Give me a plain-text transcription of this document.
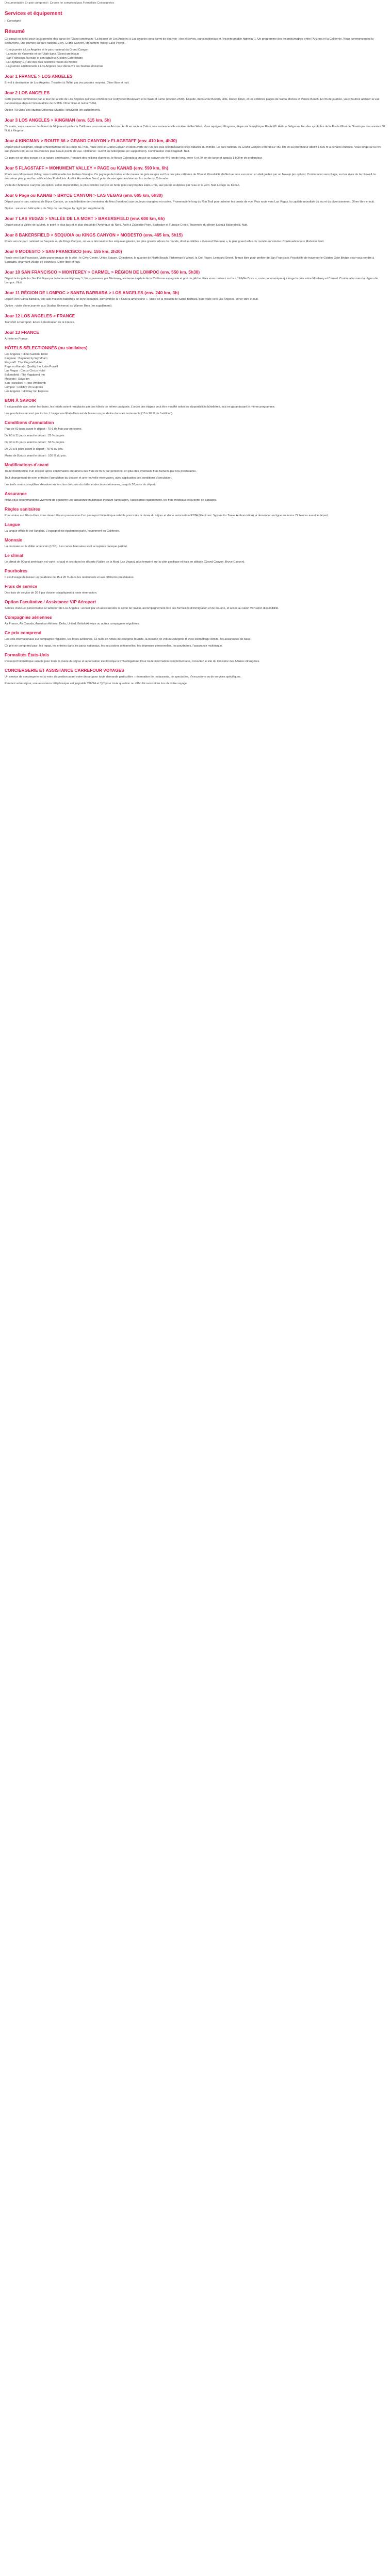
Documentation En prix comprend : Ce prix ne comprend pas Formalités Conseignées
Services et équipement
› Conseigné
Résumé

Ce circuit est idéal pour ceux prendre des parcs de l'Ouest américain ! La beauté de Los Angeles à Las Angeles sera parmi de tout voir : des réserves, parcs nationaux et l'incontournable highway 1. Un programme des incontournables entre l'Arizona et la Californie. Nous commencerons la découverte, une journée au parc national Zion, Grand Canyon, Monument Valley, Lake Powell.

- Une journée à Los Angeles et le parc national du Grand Canyon

- La route de Yosemite et de l'Utah dans l'Ouest américain

- San Francisco, la route et son fabuleux Golden Gate Bridge

- La Highway 1, l'une des plus célèbres routes du monde

- La journée additionnelle à Los Angeles pour découvrir les Studios Universal

Jour 1 FRANCE > LOS ANGELES

Envol à destination de Los Angeles. Transfert à l'hôtel par vos propres moyens. Dîner libre et nuit.

Jour 2 LOS ANGELES

Cette journée commence par le tour de la ville de Los Angeles qui vous emmène sur Hollywood Boulevard et le Walk of Fame (environ 2h30). Ensuite, découvrez Beverly Hills, Rodeo Drive, et les célèbres plages de Santa Monica et Venice Beach. En fin de journée, vous pourrez admirer la vue panoramique depuis l'observatoire de Griffith. Dîner libre et nuit à l'hôtel.

Option : la visite des studios Universal Studios Hollywood (en supplément).

Jour 3 LOS ANGELES > KINGMAN (env. 515 km, 5h)

Ce matin, vous traversez le désert de Mojave et quittez la Californie pour entrer en Arizona. Arrêt en route à Calico, une ancienne ville minière du Far West. Vous rejoignez Kingman, étape sur la mythique Route 66. Arrêt à Seligman, l'un des symboles de la Route 66 et de l'Amérique des années 50. Nuit à Kingman.

Jour 4 KINGMAN > ROUTE 66 > GRAND CANYON > FLAGSTAFF (env. 410 km, 4h30)

Départ pour Seligman, village emblématique de la Route 66. Puis, route vers le Grand Canyon et découverte de l'un des plus spectaculaires sites naturels du monde. Le parc national du Grand Canyon s'étend sur 450 km, et sa profondeur atteint 1 600 m à certains endroits. Vous longerez la rive sud (South Rim) où se trouvent les plus beaux points de vue. Optionnel : survol en hélicoptère (en supplément). Continuation vers Flagstaff. Nuit.

Ce parc est un des joyaux de la nature américaine. Pendant des millions d'années, le fleuve Colorado a creusé un canyon de 446 km de long, entre 6 et 29 km de large et jusqu'à 1 800 m de profondeur.

Jour 5 FLAGSTAFF > MONUMENT VALLEY > PAGE ou KANAB (env. 590 km, 6h)

Route vers Monument Valley, terre traditionnelle des Indiens Navajos. Ce paysage de buttes et de mesas de grès rouges est l'un des plus célèbres de l'Ouest. Possibilité d'effectuer une excursion en 4x4 guidée par un Navajo (en option). Continuation vers Page, sur les rives du lac Powell, le deuxième plus grand lac artificiel des États-Unis. Arrêt à Horseshoe Bend, point de vue spectaculaire sur la courbe du Colorado.

Visite de l'Antelope Canyon (en option, selon disponibilité), le plus célèbre canyon en fente (slot canyon) des États-Unis, aux parois sculptées par l'eau et le vent. Nuit à Page ou Kanab.

Jour 6 Page ou KANAB > BRYCE CANYON > LAS VEGAS (env. 665 km, 6h30)

Départ pour le parc national de Bryce Canyon, un amphithéâtre de cheminées de fées (hoodoos) aux couleurs orangées et rosées. Promenade le long du Rim Trail pour admirer les points de vue. Puis route vers Las Vegas, la capitale mondiale du jeu et du divertissement. Dîner libre et nuit.

Option : survol en hélicoptère du Strip de Las Vegas by night (en supplément).

Jour 7 LAS VEGAS > VALLÉE DE LA MORT > BAKERSFIELD (env. 600 km, 6h)

Départ pour la Vallée de la Mort, le point le plus bas et le plus chaud de l'Amérique du Nord. Arrêt à Zabriskie Point, Badwater et Furnace Creek. Traversée du désert jusqu'à Bakersfield. Nuit.

Jour 8 BAKERSFIELD > SEQUOIA ou KINGS CANYON > MODESTO (env. 465 km, 5h15)

Route vers le parc national de Sequoia ou de Kings Canyon, où vous découvrirez les séquoias géants, les plus grands arbres du monde, dont le célèbre « General Sherman », le plus grand arbre du monde en volume. Continuation vers Modesto. Nuit.

Jour 9 MODESTO > SAN FRANCISCO (env. 155 km, 2h30)

Route vers San Francisco. Visite panoramique de la ville : le Civic Center, Union Square, Chinatown, le quartier de North Beach, Fisherman's Wharf, la Coit Tower, Lombard Street. Temps libre pour profiter de San Francisco. Possibilité de traverser le Golden Gate Bridge pour vous rendre à Sausalito, charmant village de pêcheurs. Dîner libre et nuit.

Jour 10 SAN FRANCISCO > MONTEREY > CARMEL > RÉGION DE LOMPOC (env. 550 km, 5h30)

Départ le long de la côte Pacifique par la fameuse Highway 1. Vous passerez par Monterey, ancienne capitale de la Californie espagnole et port de pêche. Puis vous roulerez sur la « 17-Mile Drive », route panoramique qui longe la côte entre Monterey et Carmel. Continuation vers la région de Lompoc. Nuit.

Jour 11 RÉGION DE LOMPOC > SANTA BARBARA > LOS ANGELES (env. 240 km, 3h)

Départ vers Santa Barbara, ville aux maisons blanches de style espagnol, surnommée la « Riviera américaine ». Visite de la mission de Santa Barbara, puis route vers Los Angeles. Dîner libre et nuit.

Option : visite d'une journée aux Studios Universal ou Warner Bros (en supplément).

Jour 12 LOS ANGELES > FRANCE

Transfert à l'aéroport. Envol à destination de la France.

Jour 13 FRANCE

Arrivée en France.

HÔTELS SÉLECTIONNÉS (ou similaires)

Los Angeles : Hotel Galleria Hotel

Kingman : Baymont by Wyndham

Flagstaff : The Flagstaff Hotel

Page ou Kanab : Quality Inn, Lake Powell

Las Vegas : Circus Circus Hotel

Bakersfield : The Vagabond Inn

Modesto : Days Inn

San Francisco : Hotel Whitcomb

Lompoc : Holiday Inn Express

Los Angeles : Holiday Inn Express

BON À SAVOIR

Il est possible que, selon les dates, les hôtels soient remplacés par des hôtels de même catégorie. L'ordre des étapes peut être modifié selon les disponibilités hôtelières, tout en garantissant le même programme.

Les pourboires ne sont pas inclus. L'usage aux États-Unis est de laisser un pourboire dans les restaurants (15 à 20 % de l'addition).

Conditions d'annulation

Plus de 60 jours avant le départ : 70 € de frais par personne.

De 60 à 31 jours avant le départ : 25 % du prix.

De 30 à 21 jours avant le départ : 50 % du prix.

De 20 à 8 jours avant le départ : 75 % du prix.

Moins de 8 jours avant le départ : 100 % du prix.

Modifications d'avant

Toute modification d'un dossier après confirmation entraînera des frais de 50 € par personne, en plus des éventuels frais facturés par nos prestataires.

Tout changement de nom entraîne l'annulation du dossier et une nouvelle réservation, avec application des conditions d'annulation.

Les tarifs sont susceptibles d'évoluer en fonction du cours du dollar et des taxes aériennes, jusqu'à 30 jours du départ.

Assurance

Nous vous recommandons vivement de souscrire une assurance multirisque incluant l'annulation, l'assistance rapatriement, les frais médicaux et la perte de bagages.

Règles sanitaires

Pour entrer aux États-Unis, vous devez être en possession d'un passeport biométrique valable pour toute la durée du séjour et d'une autorisation ESTA (Electronic System for Travel Authorization), à demander en ligne au moins 72 heures avant le départ.

Langue

La langue officielle est l'anglais. L'espagnol est également parlé, notamment en Californie.

Monnaie

La monnaie est le dollar américain (USD). Les cartes bancaires sont acceptées presque partout.

Le climat

Le climat de l'Ouest américain est varié : chaud et sec dans les déserts (Vallée de la Mort, Las Vegas), plus tempéré sur la côte pacifique et frais en altitude (Grand Canyon, Bryce Canyon).

Pourboires

Il est d'usage de laisser un pourboire de 15 à 20 % dans les restaurants et aux différents prestataires.

Frais de service

Des frais de service de 30 € par dossier s'appliquent à toute réservation.

Option Facultative / Assistance VIP Aéroport

Service d'accueil personnalisé à l'aéroport de Los Angeles : accueil par un assistant dès la sortie de l'avion, accompagnement lors des formalités d'immigration et de douane, et accès au salon VIP selon disponibilité.

Compagnies aériennes

Air France, Air Canada, American Airlines, Delta, United, British Airways ou autres compagnies régulières.

Ce prix comprend

Les vols internationaux sur compagnie régulière, les taxes aériennes, 12 nuits en hôtels de catégorie touriste, la location de voiture catégorie B avec kilométrage illimité, les assurances de base.

Ce prix ne comprend pas : les repas, les entrées dans les parcs nationaux, les excursions optionnelles, les dépenses personnelles, les pourboires, l'assurance multirisque.

Formalités États-Unis

Passeport biométrique valable pour toute la durée du séjour et autorisation électronique ESTA obligatoire. Pour toute information complémentaire, consultez le site du ministère des Affaires étrangères.

CONCIERGERIE ET ASSISTANCE CARREFOUR VOYAGES

Un service de conciergerie est à votre disposition avant votre départ pour toute demande particulière : réservation de restaurants, de spectacles, d'excursions ou de services spécifiques.

Pendant votre séjour, une assistance téléphonique est joignable 24h/24 et 7j/7 pour toute question ou difficulté rencontrée lors de votre voyage.
